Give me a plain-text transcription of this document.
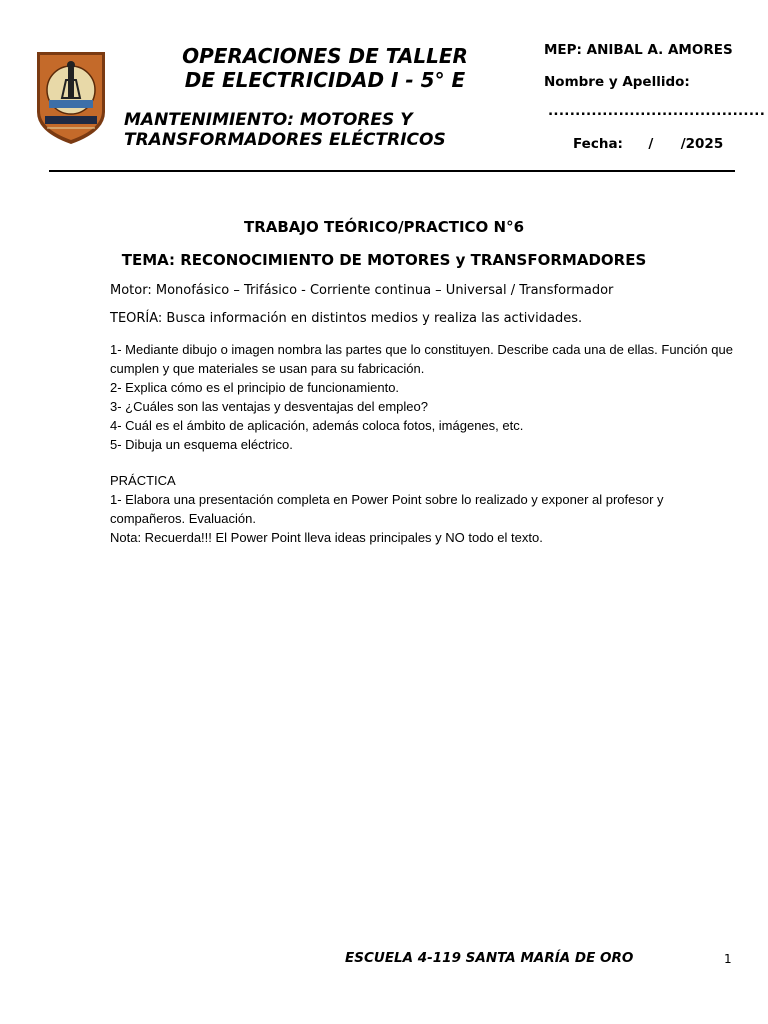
OPERACIONES DE TALLER
DE ELECTRICIDAD I - 5° E
MANTENIMIENTO: MOTORES Y
TRANSFORMADORES ELÉCTRICOS
MEP: ANIBAL A. AMORES
Nombre y Apellido:
........................................
Fecha: / /2025
TRABAJO TEÓRICO/PRACTICO N°6
TEMA: RECONOCIMIENTO DE MOTORES y TRANSFORMADORES
Motor: Monofásico – Trifásico - Corriente continua – Universal / Transformador
TEORÍA: Busca información en distintos medios y realiza las actividades.
1- Mediante dibujo o imagen nombra las partes que lo constituyen. Describe cada una de ellas. Función que cumplen y que materiales se usan para su fabricación.
2- Explica cómo es el principio de funcionamiento.
3- ¿Cuáles son las ventajas y desventajas del empleo?
4- Cuál es el ámbito de aplicación, además coloca fotos, imágenes, etc.
5- Dibuja un esquema eléctrico.
PRÁCTICA
1- Elabora una presentación completa en Power Point sobre lo realizado y exponer al profesor y compañeros. Evaluación.
Nota: Recuerda!!! El Power Point lleva ideas principales y NO todo el texto.
ESCUELA 4-119 SANTA MARÍA DE ORO	1
